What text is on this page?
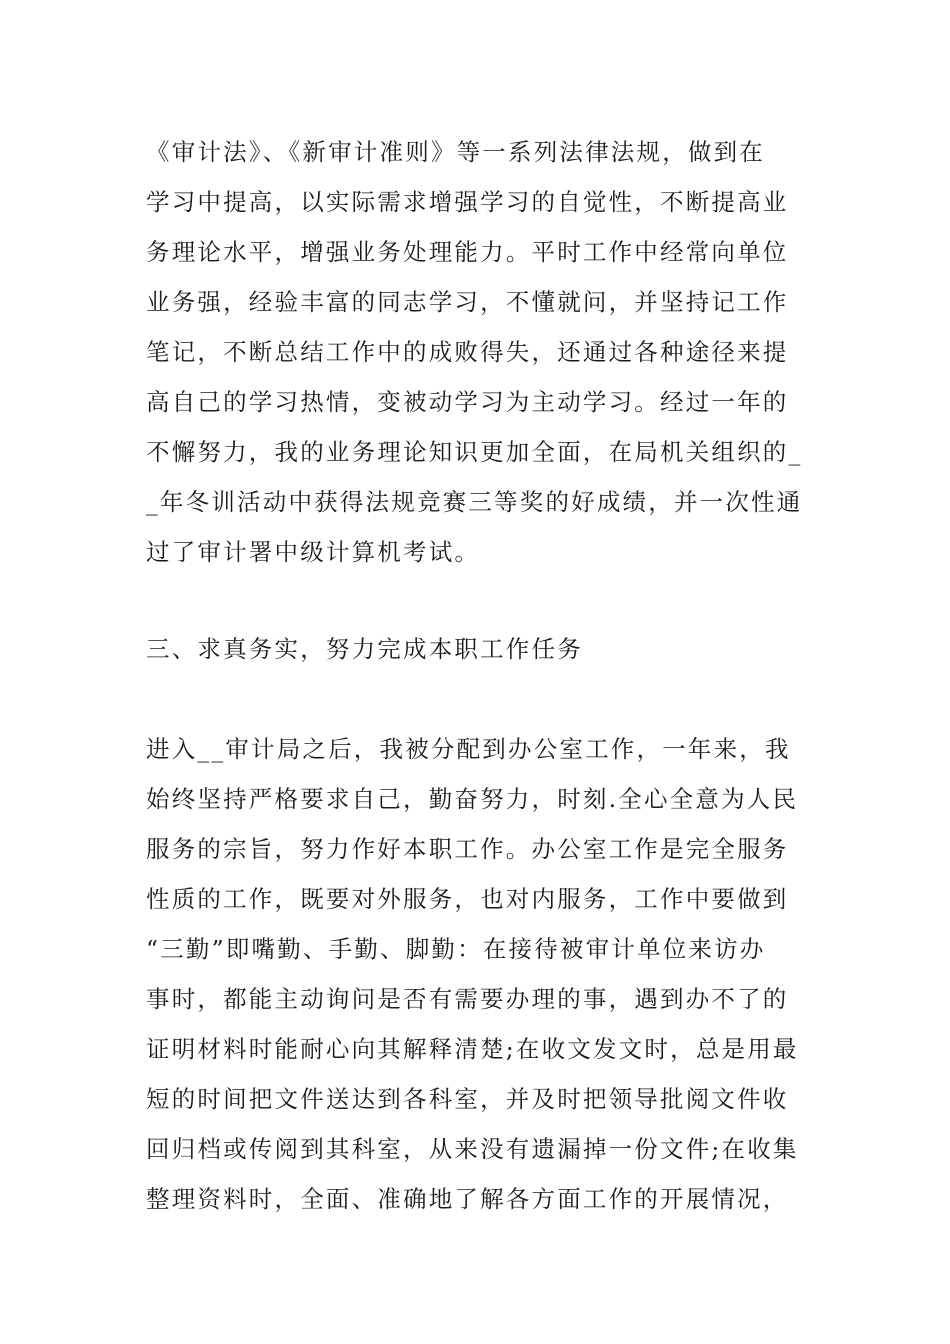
《审计法》、《新审计准则》等一系列法律法规，做到在
学习中提高，以实际需求增强学习的自觉性，不断提高业
务理论水平，增强业务处理能力。平时工作中经常向单位
业务强，经验丰富的同志学习，不懂就问，并坚持记工作
笔记，不断总结工作中的成败得失，还通过各种途径来提
高自己的学习热情，变被动学习为主动学习。经过一年的
不懈努力，我的业务理论知识更加全面，在局机关组织的_
_年冬训活动中获得法规竞赛三等奖的好成绩，并一次性通
过了审计署中级计算机考试。
三、求真务实，努力完成本职工作任务
进入__审计局之后，我被分配到办公室工作，一年来，我
始终坚持严格要求自己，勤奋努力，时刻.全心全意为人民
服务的宗旨，努力作好本职工作。办公室工作是完全服务
性质的工作，既要对外服务，也对内服务，工作中要做到
“三勤”即嘴勤、手勤、脚勤：在接待被审计单位来访办
事时，都能主动询问是否有需要办理的事，遇到办不了的
证明材料时能耐心向其解释清楚;在收文发文时，总是用最
短的时间把文件送达到各科室，并及时把领导批阅文件收
回归档或传阅到其科室，从来没有遗漏掉一份文件;在收集
整理资料时，全面、准确地了解各方面工作的开展情况，
